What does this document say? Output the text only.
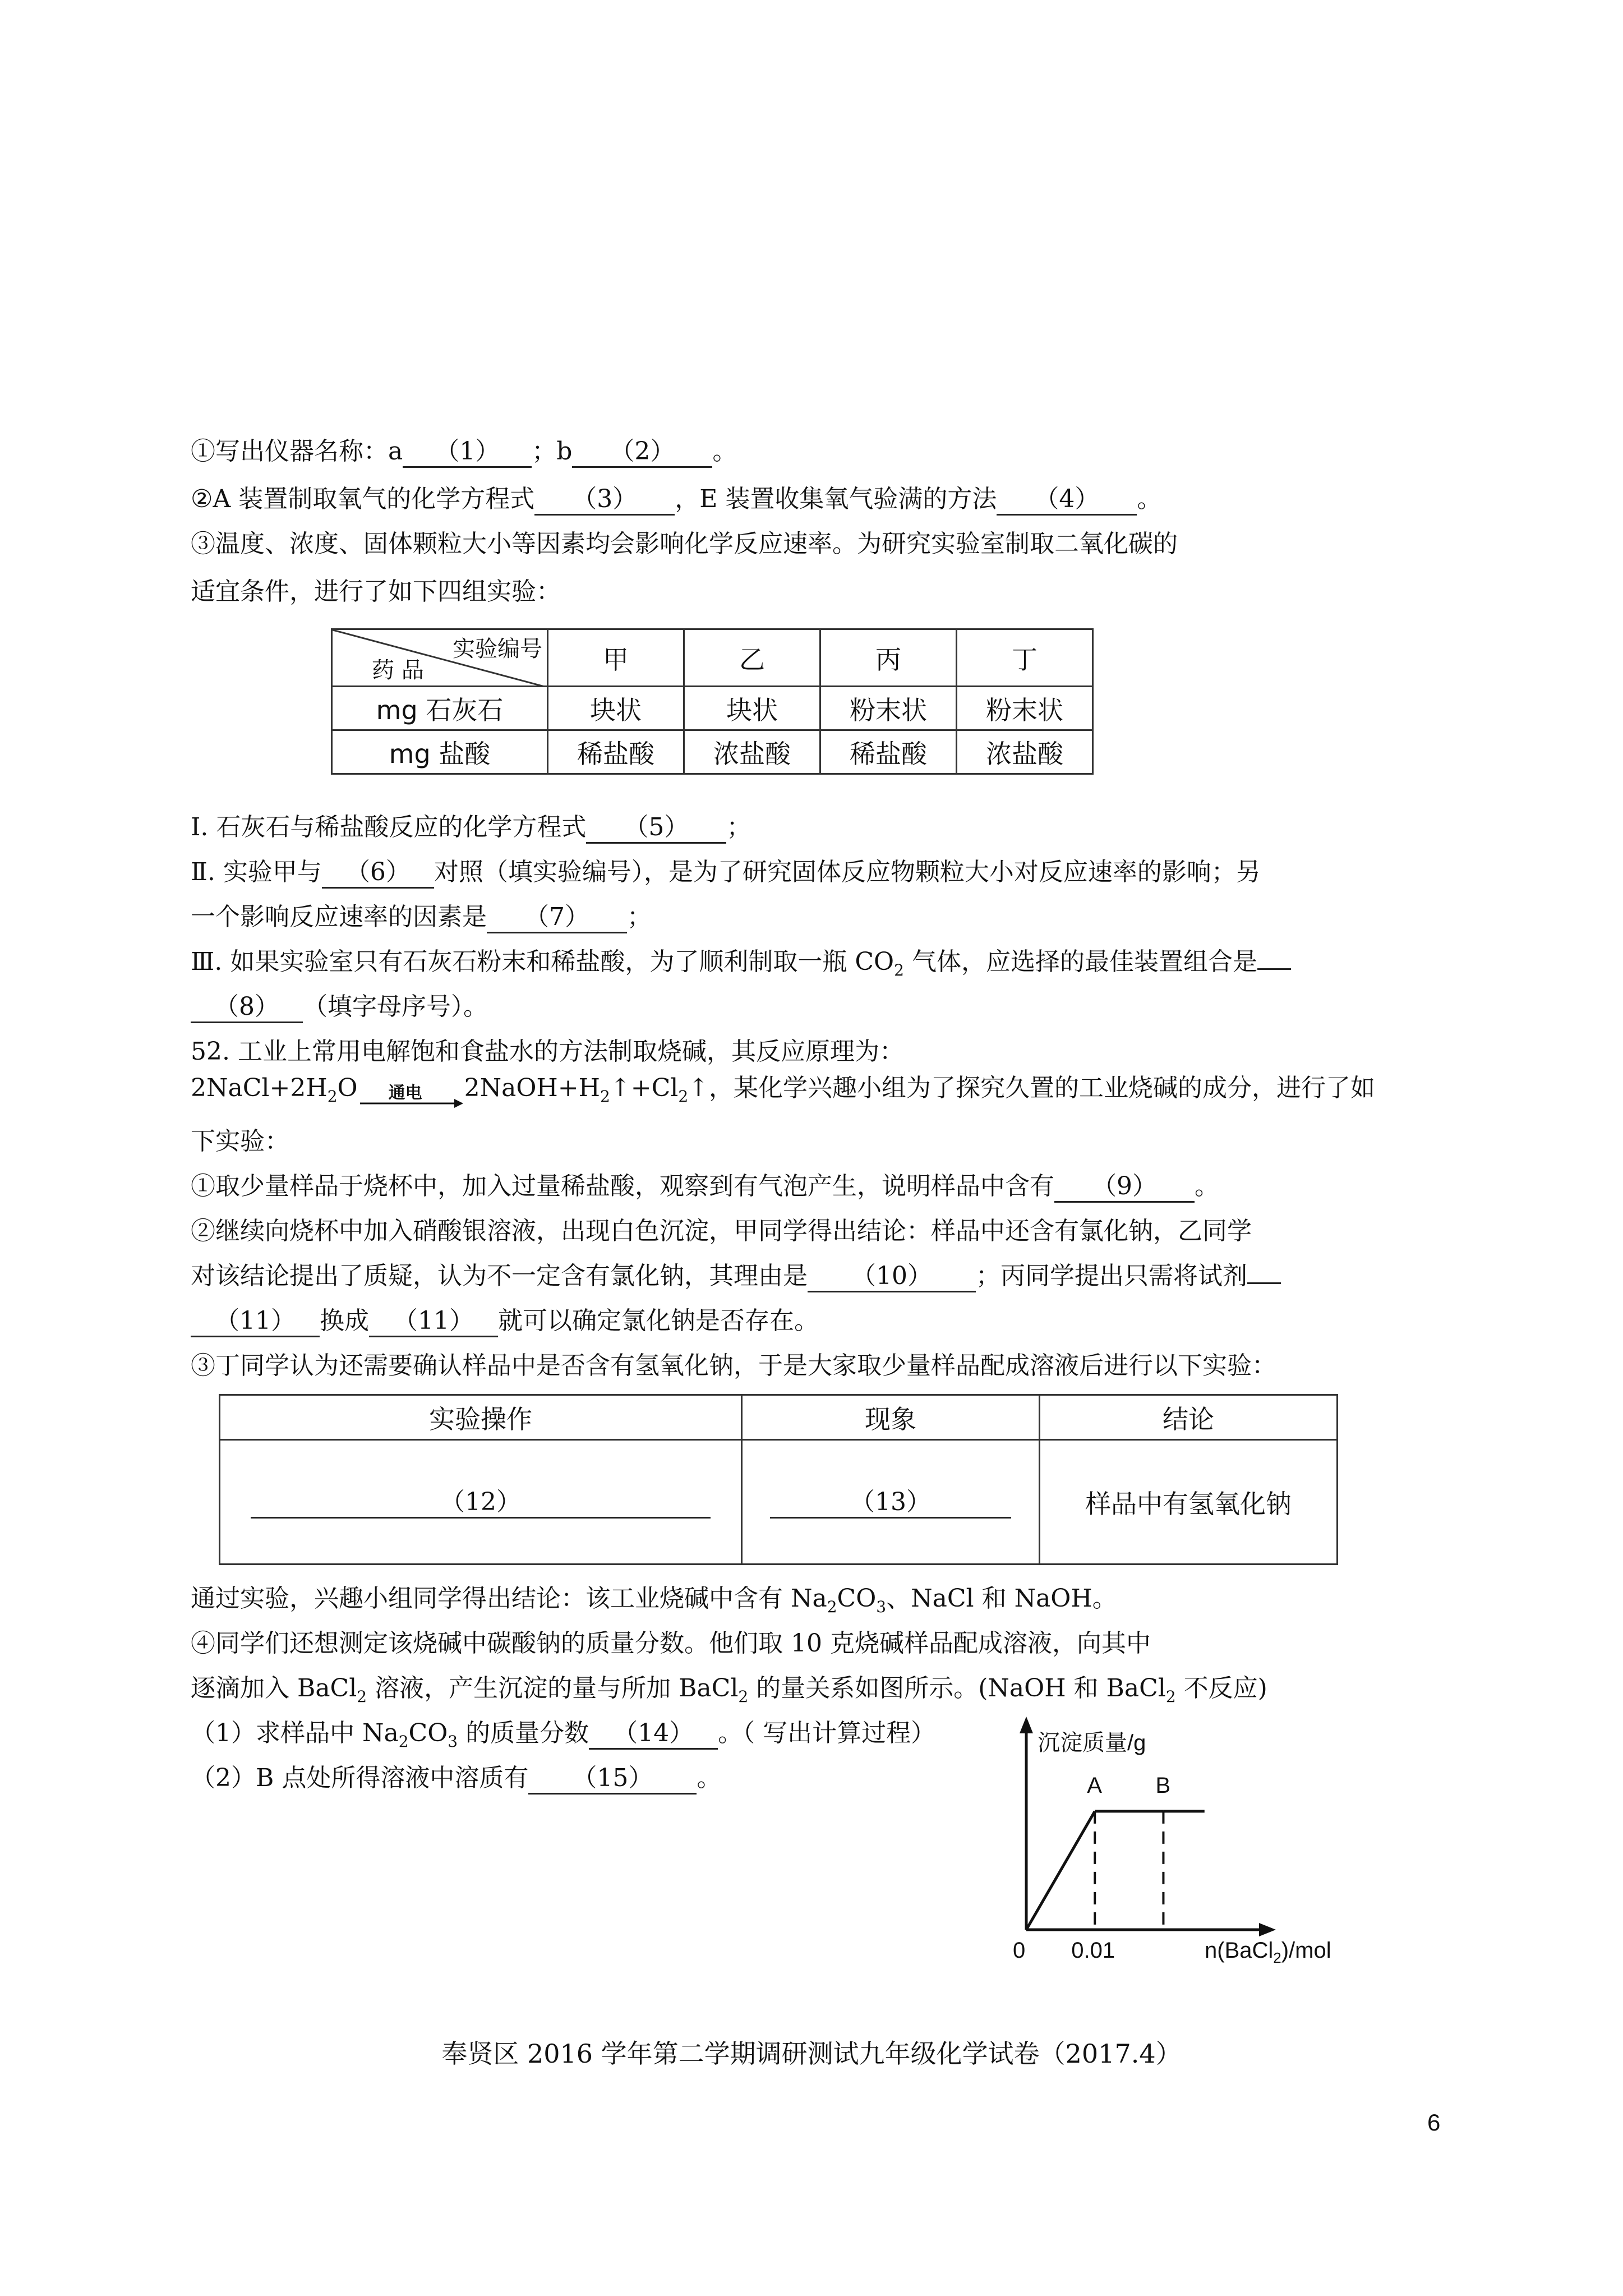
①写出仪器名称：a （1） ；b （2） 。
②A 装置制取氧气的化学方程式 （3） ，E 装置收集氧气验满的方法 （4） 。
③温度、浓度、固体颗粒大小等因素均会影响化学反应速率。为研究实验室制取二氧化碳的
适宜条件，进行了如下四组实验：
实验编号
药 品	甲	乙	丙	丁
mg 石灰石	块状	块状	粉末状	粉末状
mg 盐酸	稀盐酸	浓盐酸	稀盐酸	浓盐酸
Ⅰ. 石灰石与稀盐酸反应的化学方程式 （5） ；
Ⅱ. 实验甲与 （6） 对照（填实验编号），是为了研究固体反应物颗粒大小对反应速率的影响；另
一个影响反应速率的因素是 （7） ；
Ⅲ. 如果实验室只有石灰石粉末和稀盐酸，为了顺利制取一瓶 $CO_2$ 气体，应选择的最佳装置组合是
（8） （填字母序号）。
52. 工业上常用电解饱和食盐水的方法制取烧碱，其反应原理为：
$2NaCl+2H_2O$ 通电 $2NaOH+H_2↑+Cl_2↑$，某化学兴趣小组为了探究久置的工业烧碱的成分，进行了如
下实验：
①取少量样品于烧杯中，加入过量稀盐酸，观察到有气泡产生，说明样品中含有 （9） 。
②继续向烧杯中加入硝酸银溶液，出现白色沉淀，甲同学得出结论：样品中还含有氯化钠，乙同学
对该结论提出了质疑，认为不一定含有氯化钠，其理由是 （10） ；丙同学提出只需将试剂
（11） 换成 （11） 就可以确定氯化钠是否存在。
③丁同学认为还需要确认样品中是否含有氢氧化钠，于是大家取少量样品配成溶液后进行以下实验：
实验操作	现象	结论
（12）	（13）	样品中有氢氧化钠
通过实验，兴趣小组同学得出结论：该工业烧碱中含有 $Na_2CO_3$、NaCl 和 NaOH。
④同学们还想测定该烧碱中碳酸钠的质量分数。他们取 10 克烧碱样品配成溶液，向其中
逐滴加入 BaCl$_2$ 溶液，产生沉淀的量与所加 BaCl$_2$ 的量关系如图所示。(NaOH 和 BaCl$_2$ 不反应)
（1）求样品中 $Na_2CO_3$ 的质量分数 （14） 。（ 写出计算过程）
（2）B 点处所得溶液中溶质有 （15） 。
沉淀质量/g
0 0.01	n(BaCl$_2$)/mol
A B
奉贤区 2016 学年第二学期调研测试九年级化学试卷（2017.4）
6
